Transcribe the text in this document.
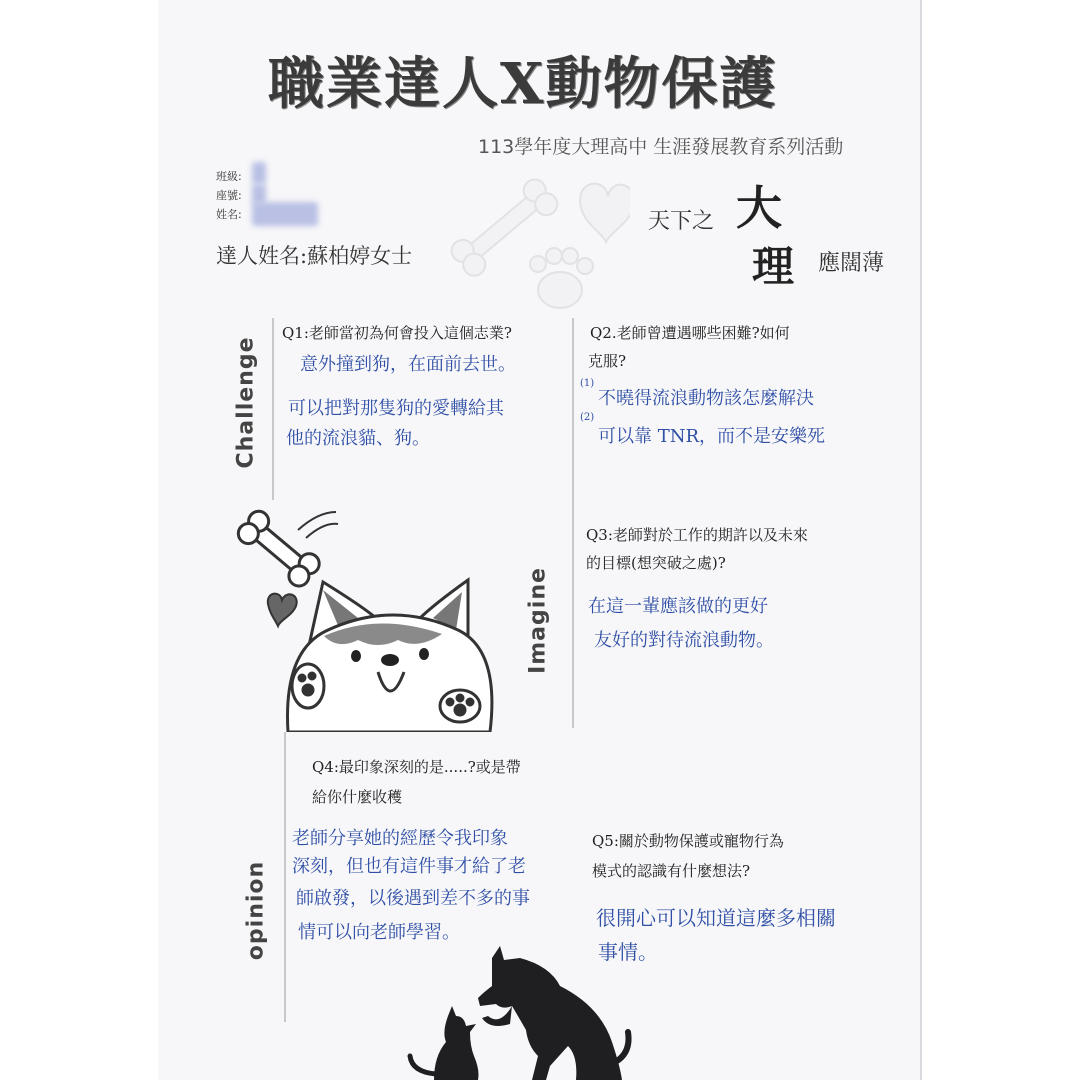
職業達人X動物保護
113學年度大理高中 生涯發展教育系列活動
班級:
座號:
姓名:
達人姓名:蘇柏婷女士
天下之 大
理 應闊薄
Challenge
Imagine
opinion
Q1:老師當初為何會投入這個志業?
意外撞到狗，在面前去世。
可以把對那隻狗的愛轉給其
他的流浪貓、狗。
Q2.老師曾遭遇哪些困難?如何
克服?
(1)
不曉得流浪動物該怎麼解決
(2)
可以靠 TNR，而不是安樂死
Q3:老師對於工作的期許以及未來
的目標(想突破之處)?
在這一輩應該做的更好
友好的對待流浪動物。
Q4:最印象深刻的是.....?或是帶
給你什麼收穫
老師分享她的經歷令我印象
深刻，但也有這件事才給了老
師啟發，以後遇到差不多的事
情可以向老師學習。
Q5:關於動物保護或寵物行為
模式的認識有什麼想法?
很開心可以知道這麼多相關
事情。
